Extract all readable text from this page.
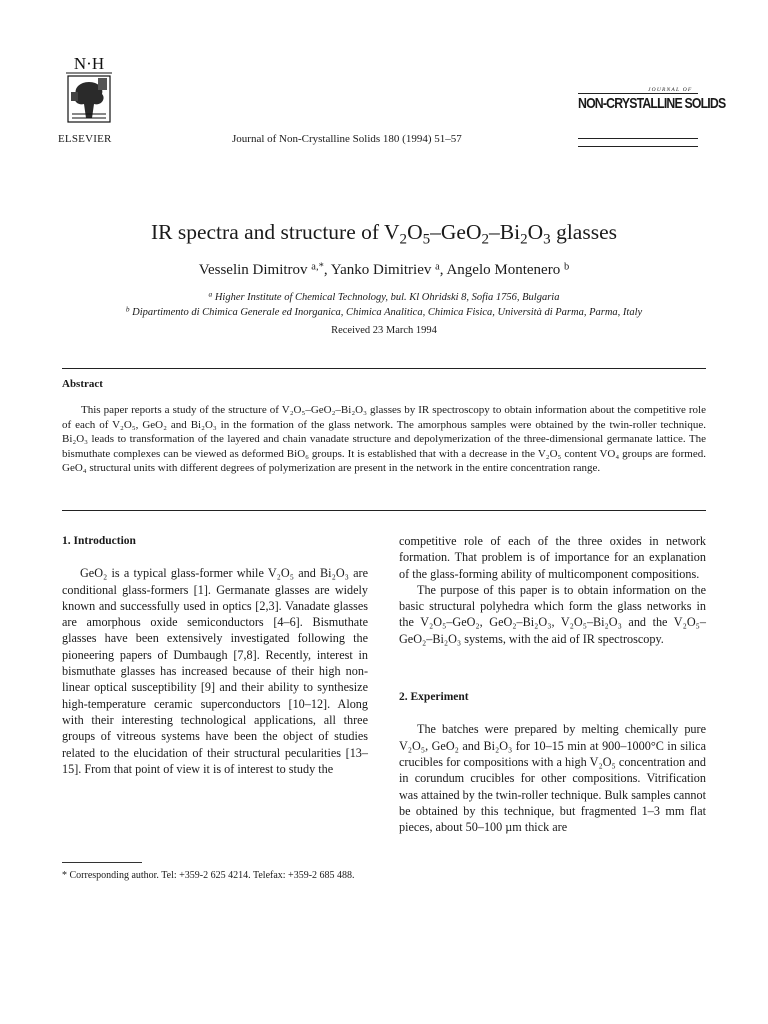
N·H
ELSEVIER	Journal of Non-Crystalline Solids 180 (1994) 51–57
JOURNAL OF
NON-CRYSTALLINE SOLIDS
IR spectra and structure of $V_2O_5-GeO_2-Bi_2O_3$ glasses
Vesselin Dimitrov $^{a,*}$, Yanko Dimitriev $^a$, Angelo Montenero $^b$
$^a$ Higher Institute of Chemical Technology, bul. Kl Ohridski 8, Sofia 1756, Bulgaria
$^b$ Dipartimento di Chimica Generale ed Inorganica, Chimica Analitica, Chimica Fisica, Università di Parma, Parma, Italy
Received 23 March 1994
Abstract
This paper reports a study of the structure of V₂O₅–GeO₂–Bi₂O₃ glasses by IR spectroscopy to obtain information about the competitive role of each of V₂O₅, GeO₂ and Bi₂O₃ in the formation of the glass network. The amorphous samples were obtained by the twin-roller technique. Bi₂O₃ leads to transformation of the layered and chain vanadate structure and depolymerization of the three-dimensional germanate lattice. The bismuthate complexes can be viewed as deformed BiO₆ groups. It is established that with a decrease in the V₂O₅ content VO₄ groups are formed. GeO₄ structural units with different degrees of polymerization are present in the network in the entire concentration range.

1. Introduction

GeO₂ is a typical glass-former while V₂O₅ and Bi₂O₃ are conditional glass-formers [1]. Germanate glasses are widely known and successfully used in optics [2,3]. Vanadate glasses are amorphous oxide semiconductors [4–6]. Bismuthate glasses have been extensively investigated following the pioneering papers of Dumbaugh [7,8]. Recently, interest in bismuthate glasses has increased because of their high non-linear optical susceptibility [9] and their ability to synthesize high-temperature ceramic superconductors [10–12]. Along with their interesting technological applications, all three groups of vitreous systems have been the object of studies related to the elucidation of their structural pecularities [13–15]. From that point of view it is of interest to study the

* Corresponding author. Tel: +359-2 625 4214. Telefax: +359-2 685 488.

competitive role of each of the three oxides in network formation. That problem is of importance for an explanation of the glass-forming ability of multicomponent compositions.

The purpose of this paper is to obtain information on the basic structural polyhedra which form the glass networks in the V₂O₅–GeO₂, GeO₂–Bi₂O₃, V₂O₅–Bi₂O₃ and the V₂O₅–GeO₂–Bi₂O₃ systems, with the aid of IR spectroscopy.

2. Experiment

The batches were prepared by melting chemically pure V₂O₅, GeO₂ and Bi₂O₃ for 10–15 min at 900–1000°C in silica crucibles for compositions with a high V₂O₅ concentration and in corundum crucibles for other compositions. Vitrification was attained by the twin-roller technique. Bulk samples cannot be obtained by this technique, but fragmented 1–3 mm flat pieces, about 50–100 µm thick are
